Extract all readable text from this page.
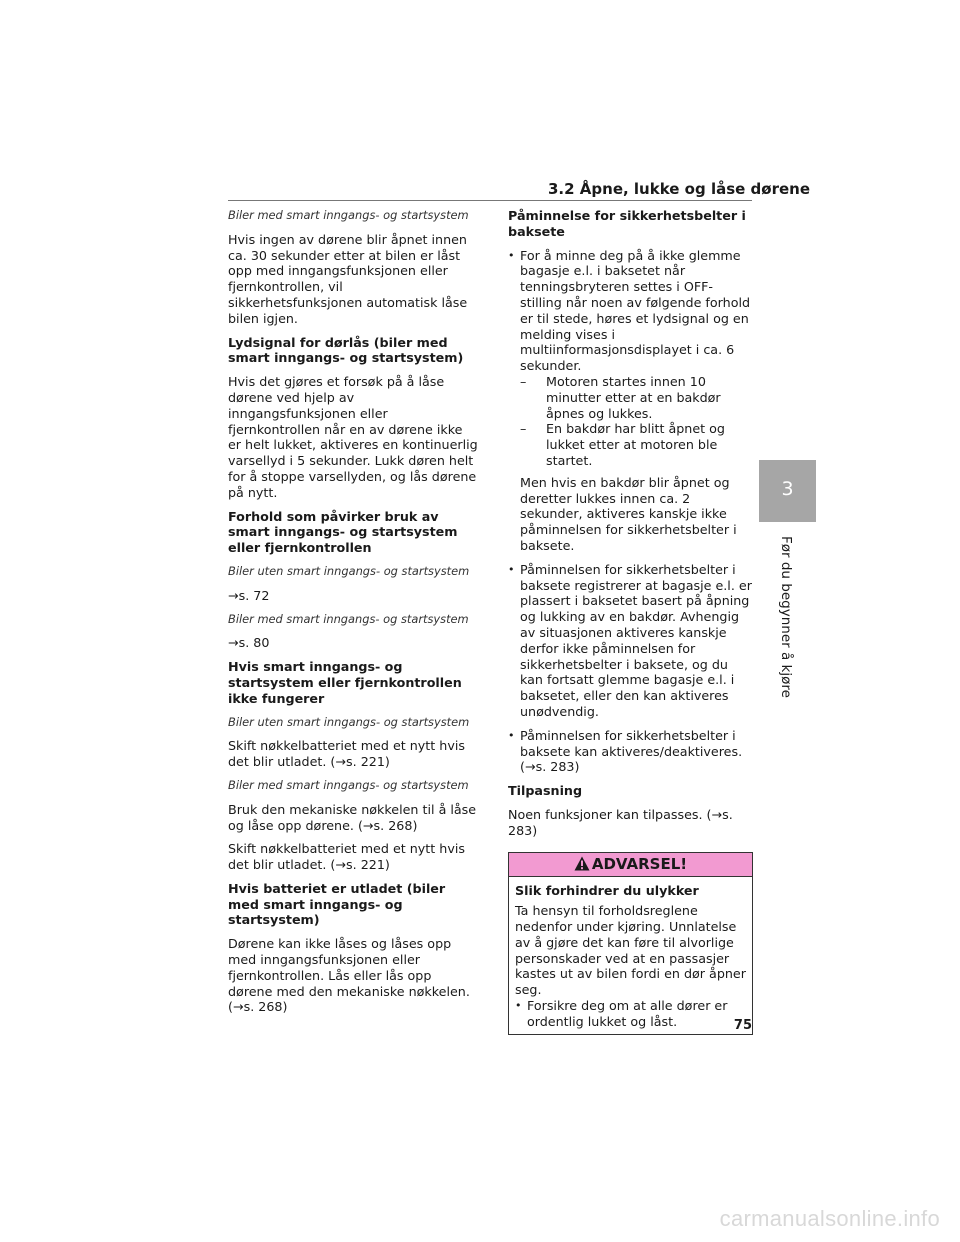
3.2 Åpne, lukke og låse dørene
3
Før du begynner å kjøre
Biler med smart inngangs- og startsystem
Hvis ingen av dørene blir åpnet innen ca. 30 sekunder etter at bilen er låst opp med inngangsfunksjonen eller fjernkontrollen, vil sikkerhetsfunksjonen automatisk låse bilen igjen.
Lydsignal for dørlås (biler med smart inngangs- og startsystem)
Hvis det gjøres et forsøk på å låse dørene ved hjelp av inngangsfunksjonen eller fjernkontrollen når en av dørene ikke er helt lukket, aktiveres en kontinuerlig varsellyd i 5 sekunder. Lukk døren helt for å stoppe varsellyden, og lås dørene på nytt.
Forhold som påvirker bruk av smart inngangs- og startsystem eller fjernkontrollen
Biler uten smart inngangs- og startsystem
→s. 72
Biler med smart inngangs- og startsystem
→s. 80
Hvis smart inngangs- og startsystem eller fjernkontrollen ikke fungerer
Biler uten smart inngangs- og startsystem
Skift nøkkelbatteriet med et nytt hvis det blir utladet. (→s. 221)
Biler med smart inngangs- og startsystem
Bruk den mekaniske nøkkelen til å låse og låse opp dørene. (→s. 268)
Skift nøkkelbatteriet med et nytt hvis det blir utladet. (→s. 221)
Hvis batteriet er utladet (biler med smart inngangs- og startsystem)
Dørene kan ikke låses og låses opp med inngangsfunksjonen eller fjernkontrollen. Lås eller lås opp dørene med den mekaniske nøkkelen. (→s. 268)
Påminnelse for sikkerhetsbelter i baksete
• For å minne deg på å ikke glemme bagasje e.l. i baksetet når tenningsbryteren settes i OFF-stilling når noen av følgende forhold er til stede, høres et lydsignal og en melding vises i multiinformasjonsdisplayet i ca. 6 sekunder.
– Motoren startes innen 10 minutter etter at en bakdør åpnes og lukkes.
– En bakdør har blitt åpnet og lukket etter at motoren ble startet.
Men hvis en bakdør blir åpnet og deretter lukkes innen ca. 2 sekunder, aktiveres kanskje ikke påminnelsen for sikkerhetsbelter i baksete.
• Påminnelsen for sikkerhetsbelter i baksete registrerer at bagasje e.l. er plassert i baksetet basert på åpning og lukking av en bakdør. Avhengig av situasjonen aktiveres kanskje derfor ikke påminnelsen for sikkerhetsbelter i baksete, og du kan fortsatt glemme bagasje e.l. i baksetet, eller den kan aktiveres unødvendig.
• Påminnelsen for sikkerhetsbelter i baksete kan aktiveres/deaktiveres. (→s. 283)
Tilpasning
Noen funksjoner kan tilpasses. (→s. 283)
ADVARSEL!
Slik forhindrer du ulykker
Ta hensyn til forholdsreglene nedenfor under kjøring. Unnlatelse av å gjøre det kan føre til alvorlige personskader ved at en passasjer kastes ut av bilen fordi en dør åpner seg.
• Forsikre deg om at alle dører er ordentlig lukket og låst.	75
carmanualsonline.info
